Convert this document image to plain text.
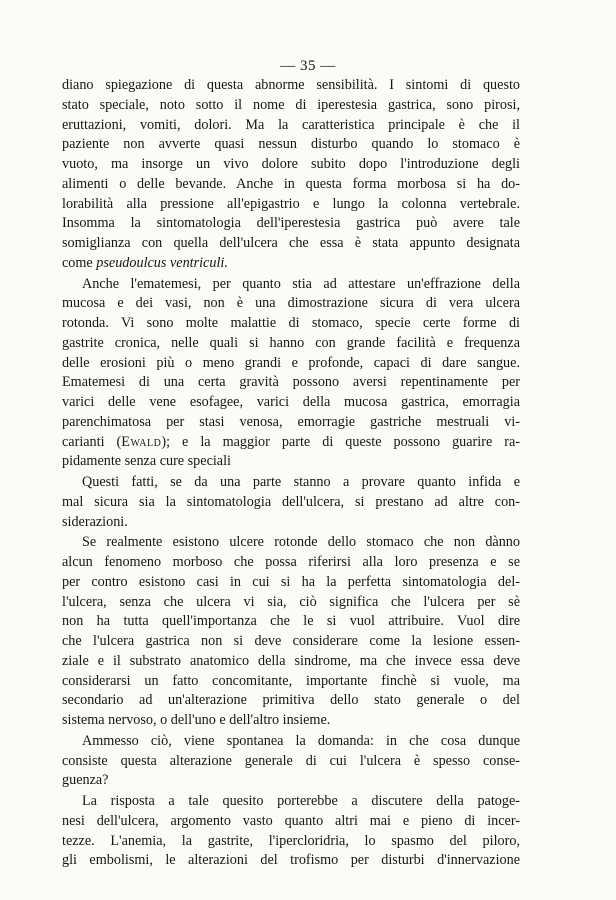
— 35 —
diano spiegazione di questa abnorme sensibilità. I sintomi di questo
stato speciale, noto sotto il nome di iperestesia gastrica, sono pirosi,
eruttazioni, vomiti, dolori. Ma la caratteristica principale è che il
paziente non avverte quasi nessun disturbo quando lo stomaco è
vuoto, ma insorge un vivo dolore subito dopo l'introduzione degli
alimenti o delle bevande. Anche in questa forma morbosa si ha do-
lorabilità alla pressione all'epigastrio e lungo la colonna vertebrale.
Insomma la sintomatologia dell'iperestesia gastrica può avere tale
somiglianza con quella dell'ulcera che essa è stata appunto designata
come pseudoulcus ventriculi.
Anche l'ematemesi, per quanto stia ad attestare un'effrazione della
mucosa e dei vasi, non è una dimostrazione sicura di vera ulcera
rotonda. Vi sono molte malattie di stomaco, specie certe forme di
gastrite cronica, nelle quali si hanno con grande facilità e frequenza
delle erosioni più o meno grandi e profonde, capaci di dare sangue.
Ematemesi di una certa gravità possono aversi repentinamente per
varici delle vene esofagee, varici della mucosa gastrica, emorragia
parenchimatosa per stasi venosa, emorragie gastriche mestruali vi-
carianti (Ewald); e la maggior parte di queste possono guarire ra-
pidamente senza cure speciali
Questi fatti, se da una parte stanno a provare quanto infida e
mal sicura sia la sintomatologia dell'ulcera, si prestano ad altre con-
siderazioni.
Se realmente esistono ulcere rotonde dello stomaco che non dànno
alcun fenomeno morboso che possa riferirsi alla loro presenza e se
per contro esistono casi in cui si ha la perfetta sintomatologia del-
l'ulcera, senza che ulcera vi sia, ciò significa che l'ulcera per sè
non ha tutta quell'importanza che le si vuol attribuire. Vuol dire
che l'ulcera gastrica non si deve considerare come la lesione essen-
ziale e il substrato anatomico della sindrome, ma che invece essa deve
considerarsi un fatto concomitante, importante finchè si vuole, ma
secondario ad un'alterazione primitiva dello stato generale o del
sistema nervoso, o dell'uno e dell'altro insieme.
Ammesso ciò, viene spontanea la domanda: in che cosa dunque
consiste questa alterazione generale di cui l'ulcera è spesso conse-
guenza?
La risposta a tale quesito porterebbe a discutere della patoge-
nesi dell'ulcera, argomento vasto quanto altri mai e pieno di incer-
tezze. L'anemia, la gastrite, l'ipercloridria, lo spasmo del piloro,
gli embolismi, le alterazioni del trofismo per disturbi d'innervazione
